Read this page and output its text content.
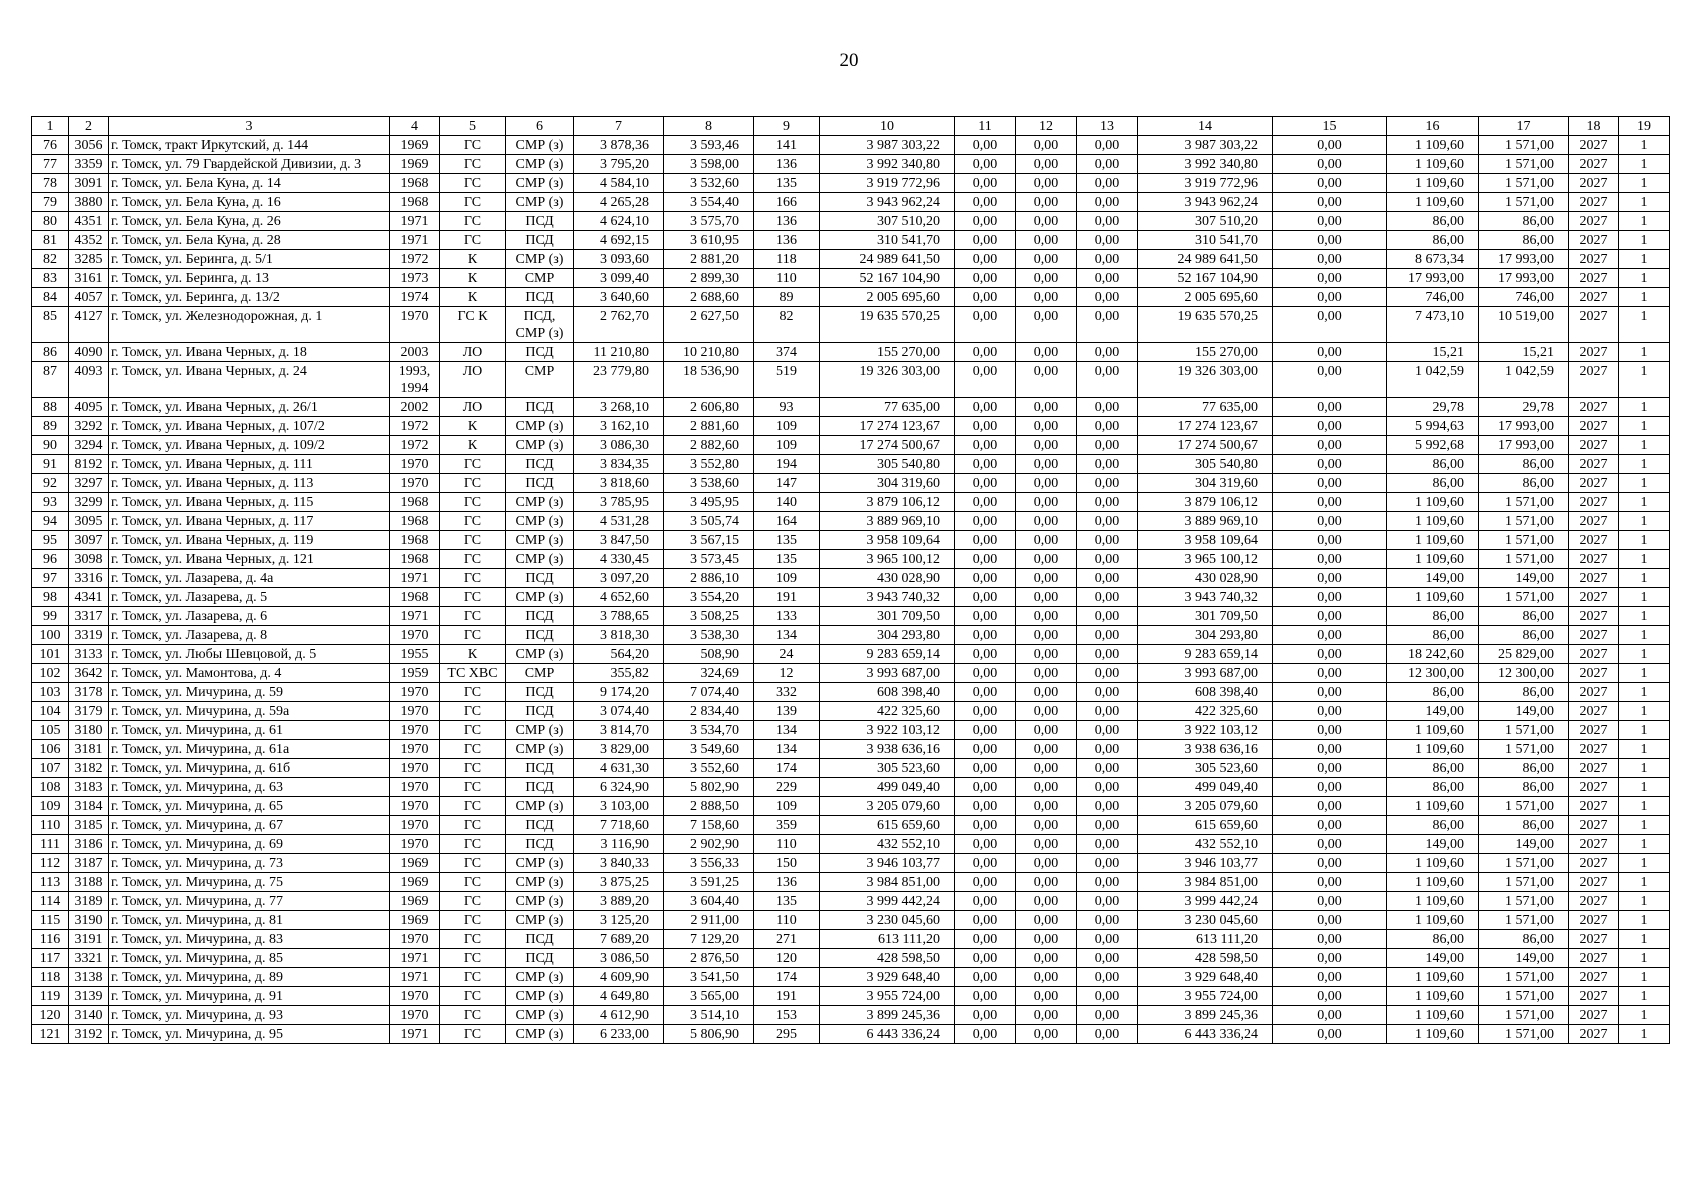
20
1	2	3	4	5	6	7	8	9	10	11	12	13	14	15	16	17	18	19
76	3056	г. Томск, тракт Иркутский, д. 144	1969	ГС	СМР (з)	3 878,36	3 593,46	141	3 987 303,22	0,00	0,00	0,00	3 987 303,22	0,00	1 109,60	1 571,00	2027	1
77	3359	г. Томск, ул. 79 Гвардейской Дивизии, д. 3	1969	ГС	СМР (з)	3 795,20	3 598,00	136	3 992 340,80	0,00	0,00	0,00	3 992 340,80	0,00	1 109,60	1 571,00	2027	1
78	3091	г. Томск, ул. Бела Куна, д. 14	1968	ГС	СМР (з)	4 584,10	3 532,60	135	3 919 772,96	0,00	0,00	0,00	3 919 772,96	0,00	1 109,60	1 571,00	2027	1
79	3880	г. Томск, ул. Бела Куна, д. 16	1968	ГС	СМР (з)	4 265,28	3 554,40	166	3 943 962,24	0,00	0,00	0,00	3 943 962,24	0,00	1 109,60	1 571,00	2027	1
80	4351	г. Томск, ул. Бела Куна, д. 26	1971	ГС	ПСД	4 624,10	3 575,70	136	307 510,20	0,00	0,00	0,00	307 510,20	0,00	86,00	86,00	2027	1
81	4352	г. Томск, ул. Бела Куна, д. 28	1971	ГС	ПСД	4 692,15	3 610,95	136	310 541,70	0,00	0,00	0,00	310 541,70	0,00	86,00	86,00	2027	1
82	3285	г. Томск, ул. Беринга, д. 5/1	1972	К	СМР (з)	3 093,60	2 881,20	118	24 989 641,50	0,00	0,00	0,00	24 989 641,50	0,00	8 673,34	17 993,00	2027	1
83	3161	г. Томск, ул. Беринга, д. 13	1973	К	СМР	3 099,40	2 899,30	110	52 167 104,90	0,00	0,00	0,00	52 167 104,90	0,00	17 993,00	17 993,00	2027	1
84	4057	г. Томск, ул. Беринга, д. 13/2	1974	К	ПСД	3 640,60	2 688,60	89	2 005 695,60	0,00	0,00	0,00	2 005 695,60	0,00	746,00	746,00	2027	1
85	4127	г. Томск, ул. Железнодорожная, д. 1	1970	ГС К	ПСД, СМР (з)	2 762,70	2 627,50	82	19 635 570,25	0,00	0,00	0,00	19 635 570,25	0,00	7 473,10	10 519,00	2027	1
86	4090	г. Томск, ул. Ивана Черных, д. 18	2003	ЛО	ПСД	11 210,80	10 210,80	374	155 270,00	0,00	0,00	0,00	155 270,00	0,00	15,21	15,21	2027	1
87	4093	г. Томск, ул. Ивана Черных, д. 24	1993, 1994	ЛО	СМР	23 779,80	18 536,90	519	19 326 303,00	0,00	0,00	0,00	19 326 303,00	0,00	1 042,59	1 042,59	2027	1
88	4095	г. Томск, ул. Ивана Черных, д. 26/1	2002	ЛО	ПСД	3 268,10	2 606,80	93	77 635,00	0,00	0,00	0,00	77 635,00	0,00	29,78	29,78	2027	1
89	3292	г. Томск, ул. Ивана Черных, д. 107/2	1972	К	СМР (з)	3 162,10	2 881,60	109	17 274 123,67	0,00	0,00	0,00	17 274 123,67	0,00	5 994,63	17 993,00	2027	1
90	3294	г. Томск, ул. Ивана Черных, д. 109/2	1972	К	СМР (з)	3 086,30	2 882,60	109	17 274 500,67	0,00	0,00	0,00	17 274 500,67	0,00	5 992,68	17 993,00	2027	1
91	8192	г. Томск, ул. Ивана Черных, д. 111	1970	ГС	ПСД	3 834,35	3 552,80	194	305 540,80	0,00	0,00	0,00	305 540,80	0,00	86,00	86,00	2027	1
92	3297	г. Томск, ул. Ивана Черных, д. 113	1970	ГС	ПСД	3 818,60	3 538,60	147	304 319,60	0,00	0,00	0,00	304 319,60	0,00	86,00	86,00	2027	1
93	3299	г. Томск, ул. Ивана Черных, д. 115	1968	ГС	СМР (з)	3 785,95	3 495,95	140	3 879 106,12	0,00	0,00	0,00	3 879 106,12	0,00	1 109,60	1 571,00	2027	1
94	3095	г. Томск, ул. Ивана Черных, д. 117	1968	ГС	СМР (з)	4 531,28	3 505,74	164	3 889 969,10	0,00	0,00	0,00	3 889 969,10	0,00	1 109,60	1 571,00	2027	1
95	3097	г. Томск, ул. Ивана Черных, д. 119	1968	ГС	СМР (з)	3 847,50	3 567,15	135	3 958 109,64	0,00	0,00	0,00	3 958 109,64	0,00	1 109,60	1 571,00	2027	1
96	3098	г. Томск, ул. Ивана Черных, д. 121	1968	ГС	СМР (з)	4 330,45	3 573,45	135	3 965 100,12	0,00	0,00	0,00	3 965 100,12	0,00	1 109,60	1 571,00	2027	1
97	3316	г. Томск, ул. Лазарева, д. 4а	1971	ГС	ПСД	3 097,20	2 886,10	109	430 028,90	0,00	0,00	0,00	430 028,90	0,00	149,00	149,00	2027	1
98	4341	г. Томск, ул. Лазарева, д. 5	1968	ГС	СМР (з)	4 652,60	3 554,20	191	3 943 740,32	0,00	0,00	0,00	3 943 740,32	0,00	1 109,60	1 571,00	2027	1
99	3317	г. Томск, ул. Лазарева, д. 6	1971	ГС	ПСД	3 788,65	3 508,25	133	301 709,50	0,00	0,00	0,00	301 709,50	0,00	86,00	86,00	2027	1
100	3319	г. Томск, ул. Лазарева, д. 8	1970	ГС	ПСД	3 818,30	3 538,30	134	304 293,80	0,00	0,00	0,00	304 293,80	0,00	86,00	86,00	2027	1
101	3133	г. Томск, ул. Любы Шевцовой, д. 5	1955	К	СМР (з)	564,20	508,90	24	9 283 659,14	0,00	0,00	0,00	9 283 659,14	0,00	18 242,60	25 829,00	2027	1
102	3642	г. Томск, ул. Мамонтова, д. 4	1959	ТС ХВС	СМР	355,82	324,69	12	3 993 687,00	0,00	0,00	0,00	3 993 687,00	0,00	12 300,00	12 300,00	2027	1
103	3178	г. Томск, ул. Мичурина, д. 59	1970	ГС	ПСД	9 174,20	7 074,40	332	608 398,40	0,00	0,00	0,00	608 398,40	0,00	86,00	86,00	2027	1
104	3179	г. Томск, ул. Мичурина, д. 59а	1970	ГС	ПСД	3 074,40	2 834,40	139	422 325,60	0,00	0,00	0,00	422 325,60	0,00	149,00	149,00	2027	1
105	3180	г. Томск, ул. Мичурина, д. 61	1970	ГС	СМР (з)	3 814,70	3 534,70	134	3 922 103,12	0,00	0,00	0,00	3 922 103,12	0,00	1 109,60	1 571,00	2027	1
106	3181	г. Томск, ул. Мичурина, д. 61а	1970	ГС	СМР (з)	3 829,00	3 549,60	134	3 938 636,16	0,00	0,00	0,00	3 938 636,16	0,00	1 109,60	1 571,00	2027	1
107	3182	г. Томск, ул. Мичурина, д. 61б	1970	ГС	ПСД	4 631,30	3 552,60	174	305 523,60	0,00	0,00	0,00	305 523,60	0,00	86,00	86,00	2027	1
108	3183	г. Томск, ул. Мичурина, д. 63	1970	ГС	ПСД	6 324,90	5 802,90	229	499 049,40	0,00	0,00	0,00	499 049,40	0,00	86,00	86,00	2027	1
109	3184	г. Томск, ул. Мичурина, д. 65	1970	ГС	СМР (з)	3 103,00	2 888,50	109	3 205 079,60	0,00	0,00	0,00	3 205 079,60	0,00	1 109,60	1 571,00	2027	1
110	3185	г. Томск, ул. Мичурина, д. 67	1970	ГС	ПСД	7 718,60	7 158,60	359	615 659,60	0,00	0,00	0,00	615 659,60	0,00	86,00	86,00	2027	1
111	3186	г. Томск, ул. Мичурина, д. 69	1970	ГС	ПСД	3 116,90	2 902,90	110	432 552,10	0,00	0,00	0,00	432 552,10	0,00	149,00	149,00	2027	1
112	3187	г. Томск, ул. Мичурина, д. 73	1969	ГС	СМР (з)	3 840,33	3 556,33	150	3 946 103,77	0,00	0,00	0,00	3 946 103,77	0,00	1 109,60	1 571,00	2027	1
113	3188	г. Томск, ул. Мичурина, д. 75	1969	ГС	СМР (з)	3 875,25	3 591,25	136	3 984 851,00	0,00	0,00	0,00	3 984 851,00	0,00	1 109,60	1 571,00	2027	1
114	3189	г. Томск, ул. Мичурина, д. 77	1969	ГС	СМР (з)	3 889,20	3 604,40	135	3 999 442,24	0,00	0,00	0,00	3 999 442,24	0,00	1 109,60	1 571,00	2027	1
115	3190	г. Томск, ул. Мичурина, д. 81	1969	ГС	СМР (з)	3 125,20	2 911,00	110	3 230 045,60	0,00	0,00	0,00	3 230 045,60	0,00	1 109,60	1 571,00	2027	1
116	3191	г. Томск, ул. Мичурина, д. 83	1970	ГС	ПСД	7 689,20	7 129,20	271	613 111,20	0,00	0,00	0,00	613 111,20	0,00	86,00	86,00	2027	1
117	3321	г. Томск, ул. Мичурина, д. 85	1971	ГС	ПСД	3 086,50	2 876,50	120	428 598,50	0,00	0,00	0,00	428 598,50	0,00	149,00	149,00	2027	1
118	3138	г. Томск, ул. Мичурина, д. 89	1971	ГС	СМР (з)	4 609,90	3 541,50	174	3 929 648,40	0,00	0,00	0,00	3 929 648,40	0,00	1 109,60	1 571,00	2027	1
119	3139	г. Томск, ул. Мичурина, д. 91	1970	ГС	СМР (з)	4 649,80	3 565,00	191	3 955 724,00	0,00	0,00	0,00	3 955 724,00	0,00	1 109,60	1 571,00	2027	1
120	3140	г. Томск, ул. Мичурина, д. 93	1970	ГС	СМР (з)	4 612,90	3 514,10	153	3 899 245,36	0,00	0,00	0,00	3 899 245,36	0,00	1 109,60	1 571,00	2027	1
121	3192	г. Томск, ул. Мичурина, д. 95	1971	ГС	СМР (з)	6 233,00	5 806,90	295	6 443 336,24	0,00	0,00	0,00	6 443 336,24	0,00	1 109,60	1 571,00	2027	1
